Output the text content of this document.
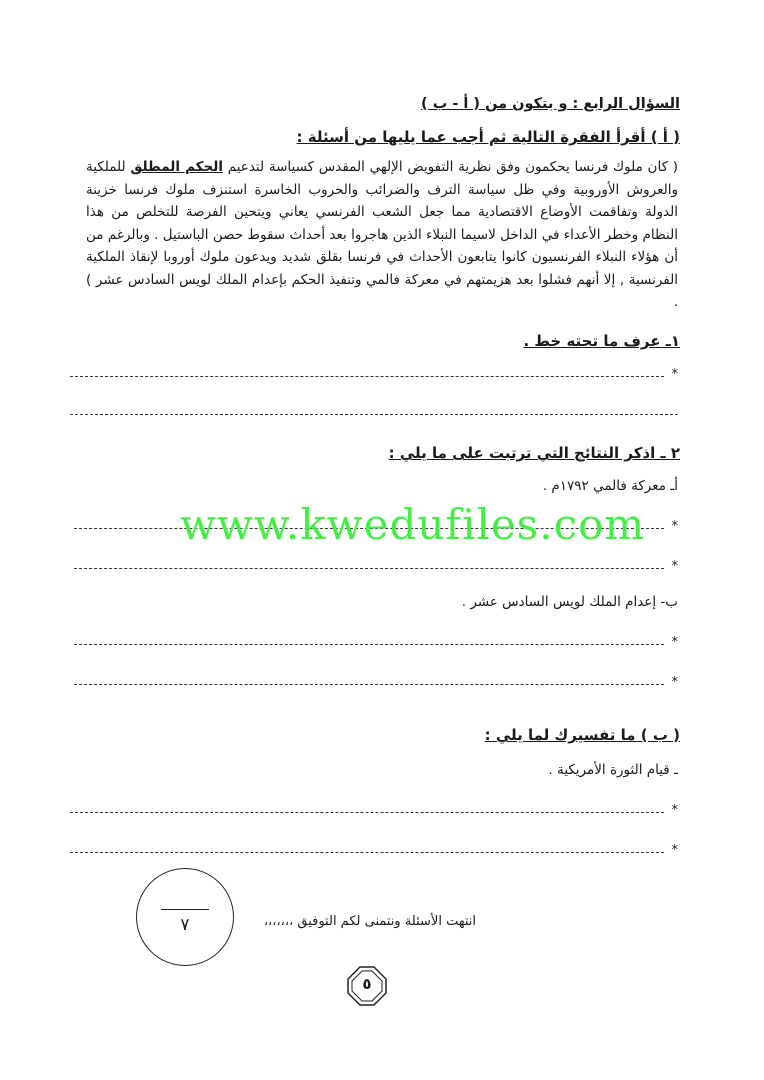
السؤال الرابع : و يتكون من ( أ - ب )
( أ ) أقرأ الفقرة التالية ثم أجب عما يليها من أسئلة :
( كان ملوك فرنسا يحكمون وفق نظرية التفويض الإلهي المقدس كسياسة لتدعيم الحكم المطلق للملكية والعروش الأوروبية وفي ظل سياسة الترف والضرائب والحروب الخاسرة استنزف ملوك فرنسا خزينة الدولة وتفاقمت الأوضاع الاقتصادية مما جعل الشعب الفرنسي يعاني ويتحين الفرصة للتخلص من هذا النظام وخطر الأعداء في الداخل لاسيما النبلاء الذين هاجروا بعد أحداث سقوط حصن الباستيل . وبالرغم من أن هؤلاء النبلاء الفرنسيون كانوا يتابعون الأحداث في فرنسا بقلق شديد ويدعون ملوك أوروبا لإنقاذ الملكية الفرنسية , إلا أنهم فشلوا بعد هزيمتهم في معركة فالمي وتنفيذ الحكم بإعدام الملك لويس السادس عشر ) .
١ـ عرف ما تحته خط .
*
٢ ـ اذكر النتائج التي ترتبت على ما يلي :
أـ معركة فالمي ١٧٩٢م .
*
*
ب- إعدام الملك لويس السادس عشر .
*
*
( ب ) ما تفسيرك لما يلي :
ـ قيام الثورة الأمريكية .
*
*
www.kwedufiles.com
٧	انتهت الأسئلة ونتمنى لكم التوفيق ،،،،،،،
٥
